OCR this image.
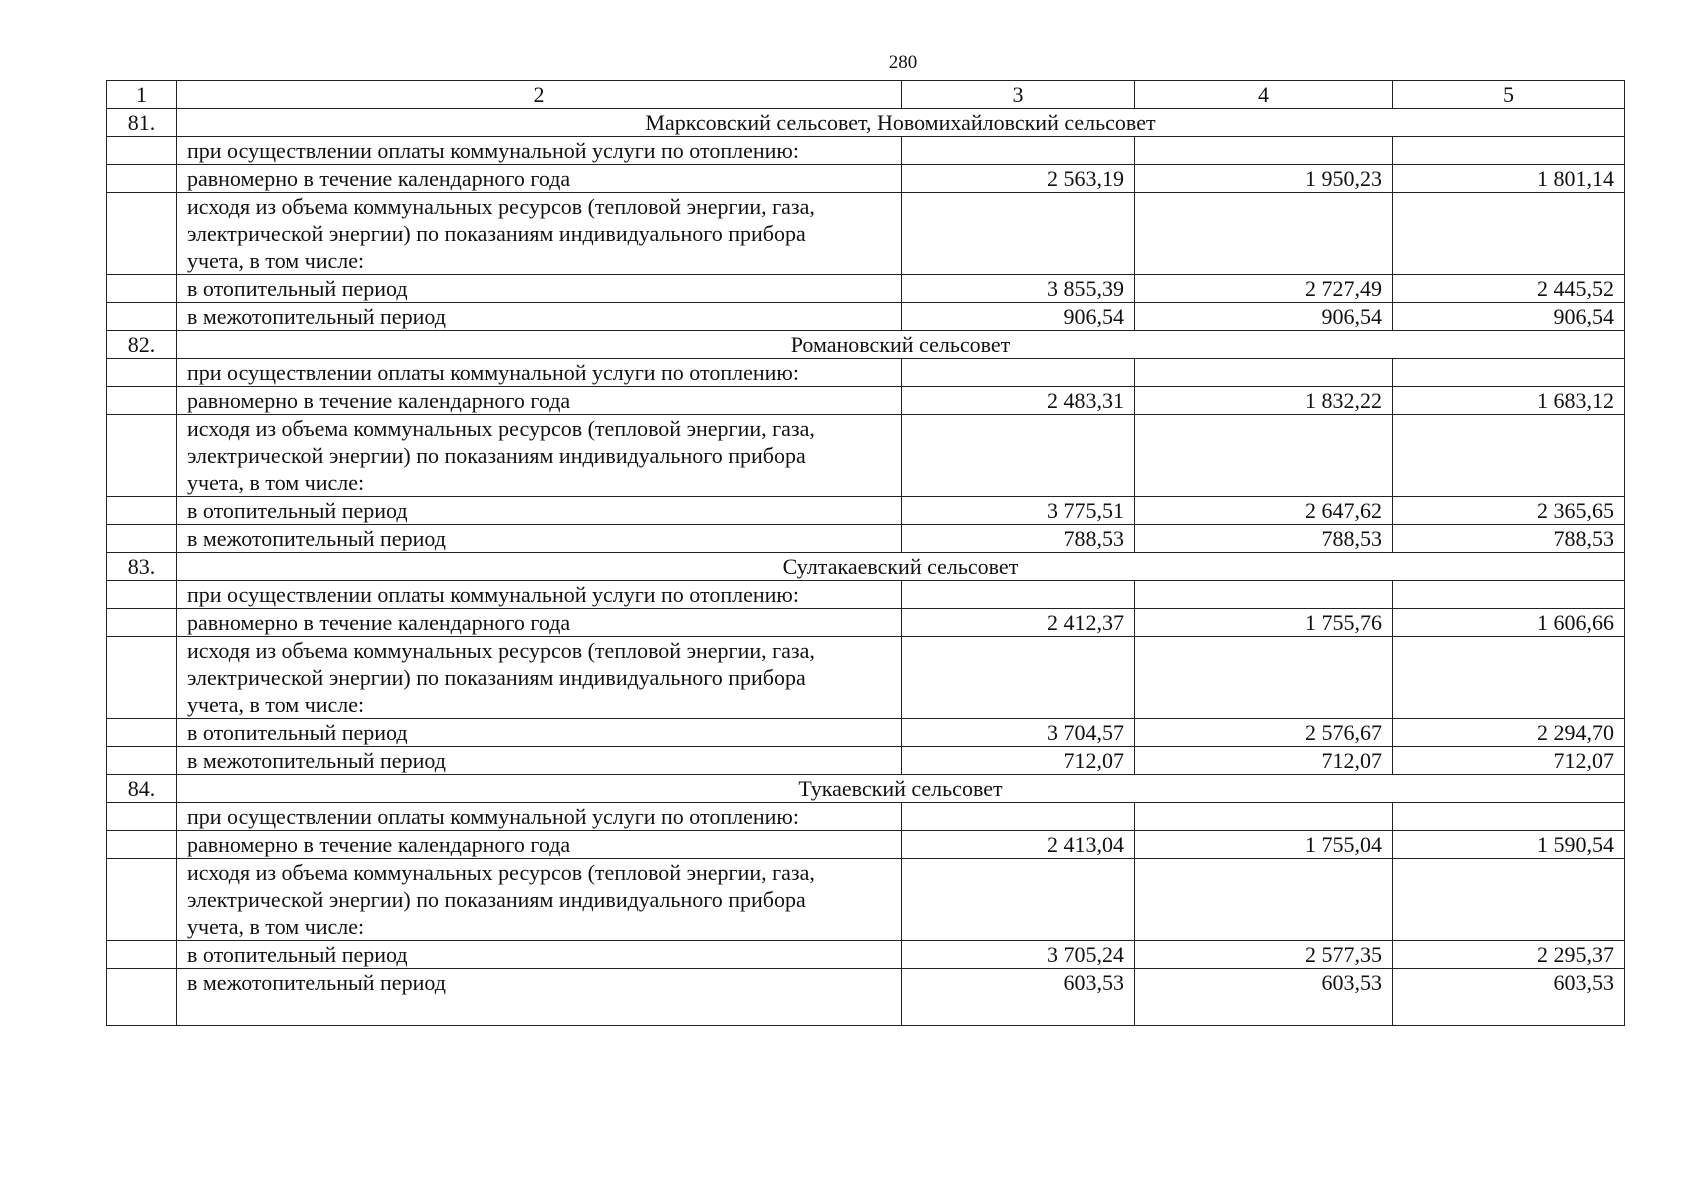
280
1	2	3	4	5
81.	Марксовский сельсовет, Новомихайловский сельсовет			
	при осуществлении оплаты коммунальной услуги по отоплению:			
	равномерно в течение календарного года	2 563,19	1 950,23	1 801,14

	исходя из объема коммунальных ресурсов (тепловой энергии, газа,
электрической энергии) по показаниям индивидуального прибора
учета, в том числе:			

	в отопительный период	3 855,39	2 727,49	2 445,52
	в межотопительный период	906,54	906,54	906,54
82.	Романовский сельсовет			
	при осуществлении оплаты коммунальной услуги по отоплению:			
	равномерно в течение календарного года	2 483,31	1 832,22	1 683,12

	исходя из объема коммунальных ресурсов (тепловой энергии, газа,
электрической энергии) по показаниям индивидуального прибора
учета, в том числе:			

	в отопительный период	3 775,51	2 647,62	2 365,65
	в межотопительный период	788,53	788,53	788,53
83.	Султакаевский сельсовет			
	при осуществлении оплаты коммунальной услуги по отоплению:			
	равномерно в течение календарного года	2 412,37	1 755,76	1 606,66

	исходя из объема коммунальных ресурсов (тепловой энергии, газа,
электрической энергии) по показаниям индивидуального прибора
учета, в том числе:			

	в отопительный период	3 704,57	2 576,67	2 294,70
	в межотопительный период	712,07	712,07	712,07
84.	Тукаевский сельсовет			
	при осуществлении оплаты коммунальной услуги по отоплению:			
	равномерно в течение календарного года	2 413,04	1 755,04	1 590,54

	исходя из объема коммунальных ресурсов (тепловой энергии, газа,
электрической энергии) по показаниям индивидуального прибора
учета, в том числе:			

	в отопительный период	3 705,24	2 577,35	2 295,37
	в межотопительный период	603,53	603,53	603,53
